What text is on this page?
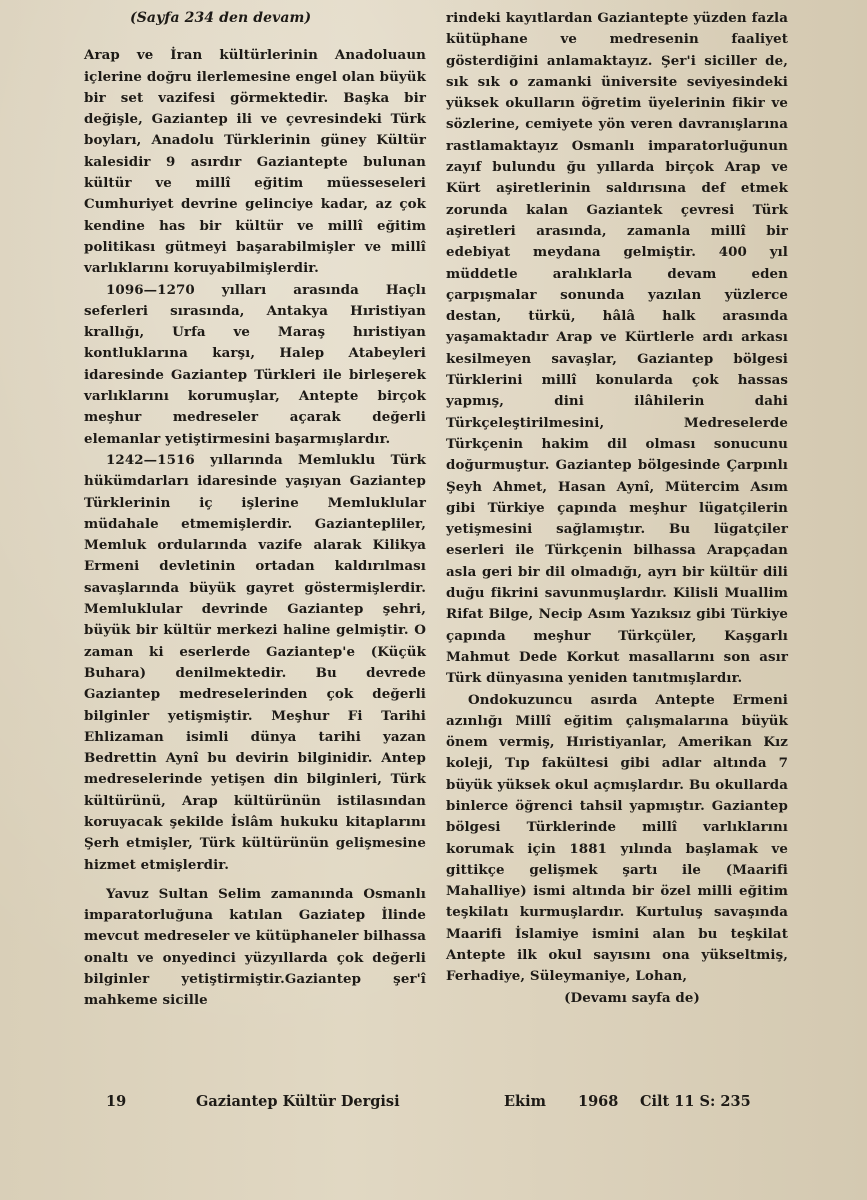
(Sayfa 234 den devam)

Arap ve İran kültürlerinin Anadoluaun içlerine doğru ilerlemesine engel olan büyük bir set vazifesi görmektedir. Başka bir değişle, Gaziantep ili ve çevresindeki Türk boyları, Anadolu Türklerinin güney Kültür kalesidir 9 asırdır Gaziantepte bulunan kültür ve millî eğitim müesseseleri Cumhuriyet devrine gelinciye kadar, az çok kendine has bir kültür ve millî eğitim politikası gütmeyi başarabilmişler ve millî varlıklarını koruyabilmişlerdir.

1096—1270 yılları arasında Haçlı seferleri sırasında, Antakya Hıristiyan krallığı, Urfa ve Maraş hıristiyan kontluklarına karşı, Halep Atabeyleri idaresinde Gaziantep Türkleri ile birleşerek varlıklarını korumuşlar, Antepte birçok meşhur medreseler açarak değerli elemanlar yetiştirmesini başarmışlardır.

1242—1516 yıllarında Memluklu Türk hükümdarları idaresinde yaşıyan Gaziantep Türklerinin iç işlerine Memluklular müdahale etmemişlerdir. Gaziantepliler, Memluk ordularında vazife alarak Kilikya Ermeni devletinin ortadan kaldırılması savaşlarında büyük gayret göstermişlerdir. Memluklular devrinde Gaziantep şehri, büyük bir kültür merkezi haline gelmiştir. O zaman ki eserlerde Gaziantep'e (Küçük Buhara) denilmektedir. Bu devrede Gaziantep medreselerinden çok değerli bilginler yetişmiştir. Meşhur Fi Tarihi Ehlizaman isimli dünya tarihi yazan Bedrettin Aynî bu devirin bilginidir. Antep medreselerinde yetişen din bilginleri, Türk kültürünü, Arap kültürünün istilasından koruyacak şekilde İslâm hukuku kitaplarını Şerh etmişler, Türk kültürünün gelişmesine hizmet etmişlerdir.

Yavuz Sultan Selim zamanında Osmanlı imparatorluğuna katılan Gaziatep İlinde mevcut medreseler ve kütüphaneler bilhassa onaltı ve onyedinci yüzyıllarda çok değerli bilginler yetiştirmiştir.Gaziantep şer'î mahkeme sicille

rindeki kayıtlardan Gaziantepte yüzden fazla kütüphane ve medresenin faaliyet gösterdiğini anlamaktayız. Şer'i siciller de, sık sık o zamanki üniversite seviyesindeki yüksek okulların öğretim üyelerinin fikir ve sözlerine, cemiyete yön veren davranışlarına rastlamaktayız Osmanlı imparatorluğunun zayıf bulundu ğu yıllarda birçok Arap ve Kürt aşiretlerinin saldırısına def etmek zorunda kalan Gaziantek çevresi Türk aşiretleri arasında, zamanla millî bir edebiyat meydana gelmiştir. 400 yıl müddetle aralıklarla devam eden çarpışmalar sonunda yazılan yüzlerce destan, türkü, hâlâ halk arasında yaşamaktadır Arap ve Kürtlerle ardı arkası kesilmeyen savaşlar, Gaziantep bölgesi Türklerini millî konularda çok hassas yapmış, dini ilâhilerin dahi Türkçeleştirilmesini, Medreselerde Türkçenin hakim dil olması sonucunu doğurmuştur. Gaziantep bölgesinde Çarpınlı Şeyh Ahmet, Hasan Aynî, Mütercim Asım gibi Türkiye çapında meşhur lügatçilerin yetişmesini sağlamıştır. Bu lügatçiler eserleri ile Türkçenin bilhassa Arapçadan asla geri bir dil olmadığı, ayrı bir kültür dili duğu fikrini savunmuşlardır. Kilisli Muallim Rifat Bilge, Necip Asım Yazıksız gibi Türkiye çapında meşhur Türkçüler, Kaşgarlı Mahmut Dede Korkut masallarını son asır Türk dünyasına yeniden tanıtmışlardır.

Ondokuzuncu asırda Antepte Ermeni azınlığı Millî eğitim çalışmalarına büyük önem vermiş, Hıristiyanlar, Amerikan Kız koleji, Tıp fakültesi gibi adlar altında 7 büyük yüksek okul açmışlardır. Bu okullarda binlerce öğrenci tahsil yapmıştır. Gaziantep bölgesi Türklerinde millî varlıklarını korumak için 1881 yılında başlamak ve gittikçe gelişmek şartı ile (Maarifi Mahalliye) ismi altında bir özel milli eğitim teşkilatı kurmuşlardır. Kurtuluş savaşında Maarifi İslamiye ismini alan bu teşkilat Antepte ilk okul sayısını ona yükseltmiş, Ferhadiye, Süleymaniye, Lohan,

(Devamı sayfa de)

19	Gaziantep Kültür Dergisi	Ekim 1968 Cilt 11 S: 235
